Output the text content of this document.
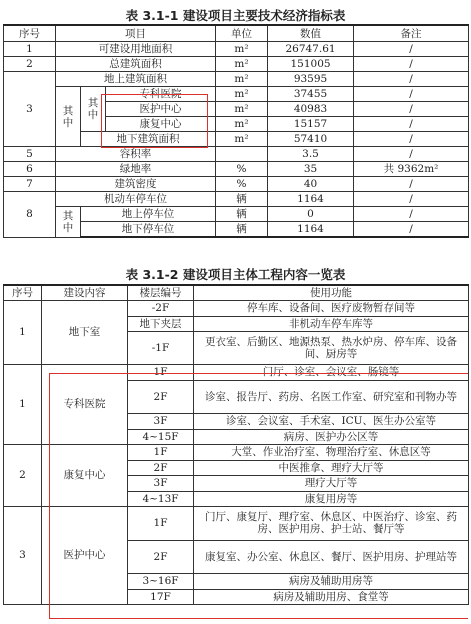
表 3.1-1 建设项目主要技术经济指标表
序号	项目			单位	数值	备注
1	可建设用地面积			m²	26747.61	/
2	总建筑面积			m²	151005	/
3	地上建筑面积			m²	93595	/
	其中	其中	专科医院	m²	37455	/
			医护中心	m²	40983	/
			康复中心	m²	15157	/
		地下建筑面积		m²	57410	/
5	容积率				3.5	/
6	绿地率			%	35	共 9362m²
7	建筑密度			%	40	/
8	机动车停车位			辆	1164	/
	其中	地上停车位		辆	0	/
		地下停车位		辆	1164	/
表 3.1-2 建设项目主体工程内容一览表
序号	建设内容	楼层编号	使用功能
1	地下室	-2F	停车库、设备间、医疗废物暂存间等
		地下夹层	非机动车停车库等
		-1F	更衣室、后勤区、地源热泵、热水炉房、停车库、设备间、厨房等
1	专科医院	1F	门厅、诊室、会议室、肠镜等
		2F	诊室、报告厅、药房、名医工作室、研究室和刊物办等
		3F	诊室、会议室、手术室、ICU、医生办公室等
		4~15F	病房、医护办公区等
2	康复中心	1F	大堂、作业治疗室、物理治疗室、休息区等
		2F	中医推拿、理疗大厅等
		3F	理疗大厅等
		4~13F	康复用房等
3	医护中心	1F	门厅、康复厅、理疗室、休息区、中医治疗、诊室、药房、医护用房、护士站、餐厅等
		2F	康复室、办公室、休息区、餐厅、医护用房、护理站等
		3~16F	病房及辅助用房等
		17F	病房及辅助用房、食堂等
